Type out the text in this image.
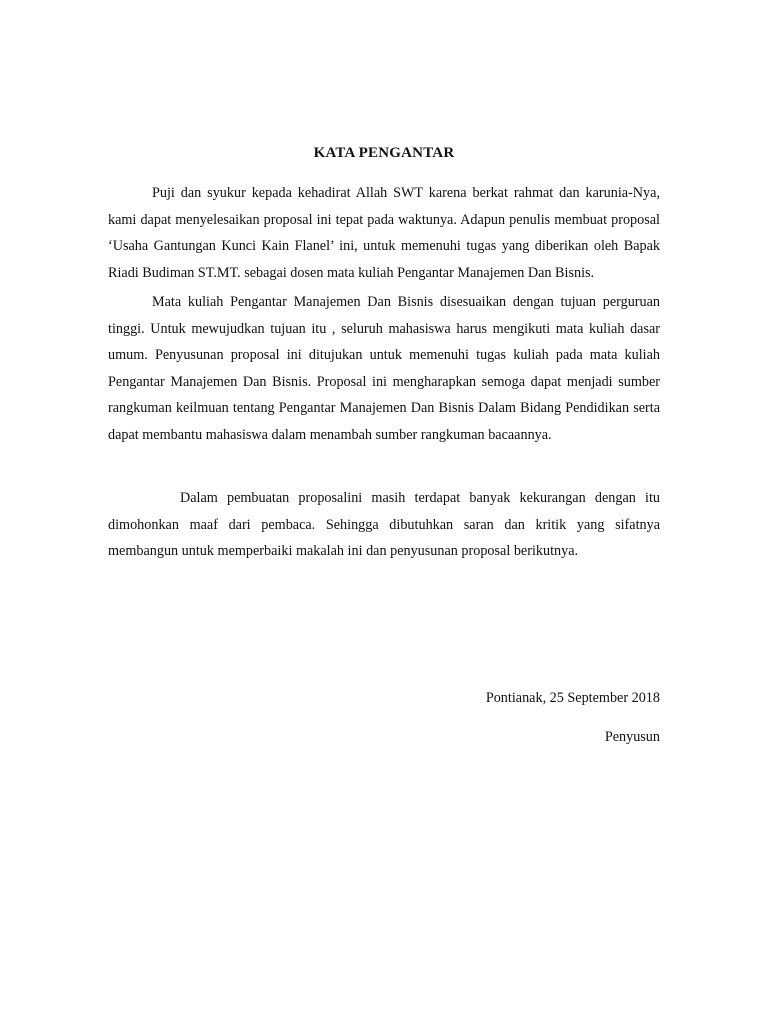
KATA PENGANTAR

Puji dan syukur kepada kehadirat Allah SWT karena berkat rahmat dan karunia-Nya, kami dapat menyelesaikan proposal ini tepat pada waktunya. Adapun penulis membuat proposal ‘Usaha Gantungan Kunci Kain Flanel’ ini, untuk memenuhi tugas yang diberikan oleh Bapak Riadi Budiman ST.MT. sebagai dosen mata kuliah Pengantar Manajemen Dan Bisnis.

Mata kuliah Pengantar Manajemen Dan Bisnis disesuaikan dengan tujuan perguruan tinggi. Untuk mewujudkan tujuan itu , seluruh mahasiswa harus mengikuti mata kuliah dasar umum. Penyusunan proposal ini ditujukan untuk memenuhi tugas kuliah pada mata kuliah Pengantar Manajemen Dan Bisnis. Proposal ini mengharapkan semoga dapat menjadi sumber rangkuman keilmuan tentang Pengantar Manajemen Dan Bisnis Dalam Bidang Pendidikan serta dapat membantu mahasiswa dalam menambah sumber rangkuman bacaannya.

Dalam pembuatan proposalini masih terdapat banyak kekurangan dengan itu dimohonkan maaf dari pembaca. Sehingga dibutuhkan saran dan kritik yang sifatnya membangun untuk memperbaiki makalah ini dan penyusunan proposal berikutnya.

Pontianak, 25 September 2018
Penyusun
